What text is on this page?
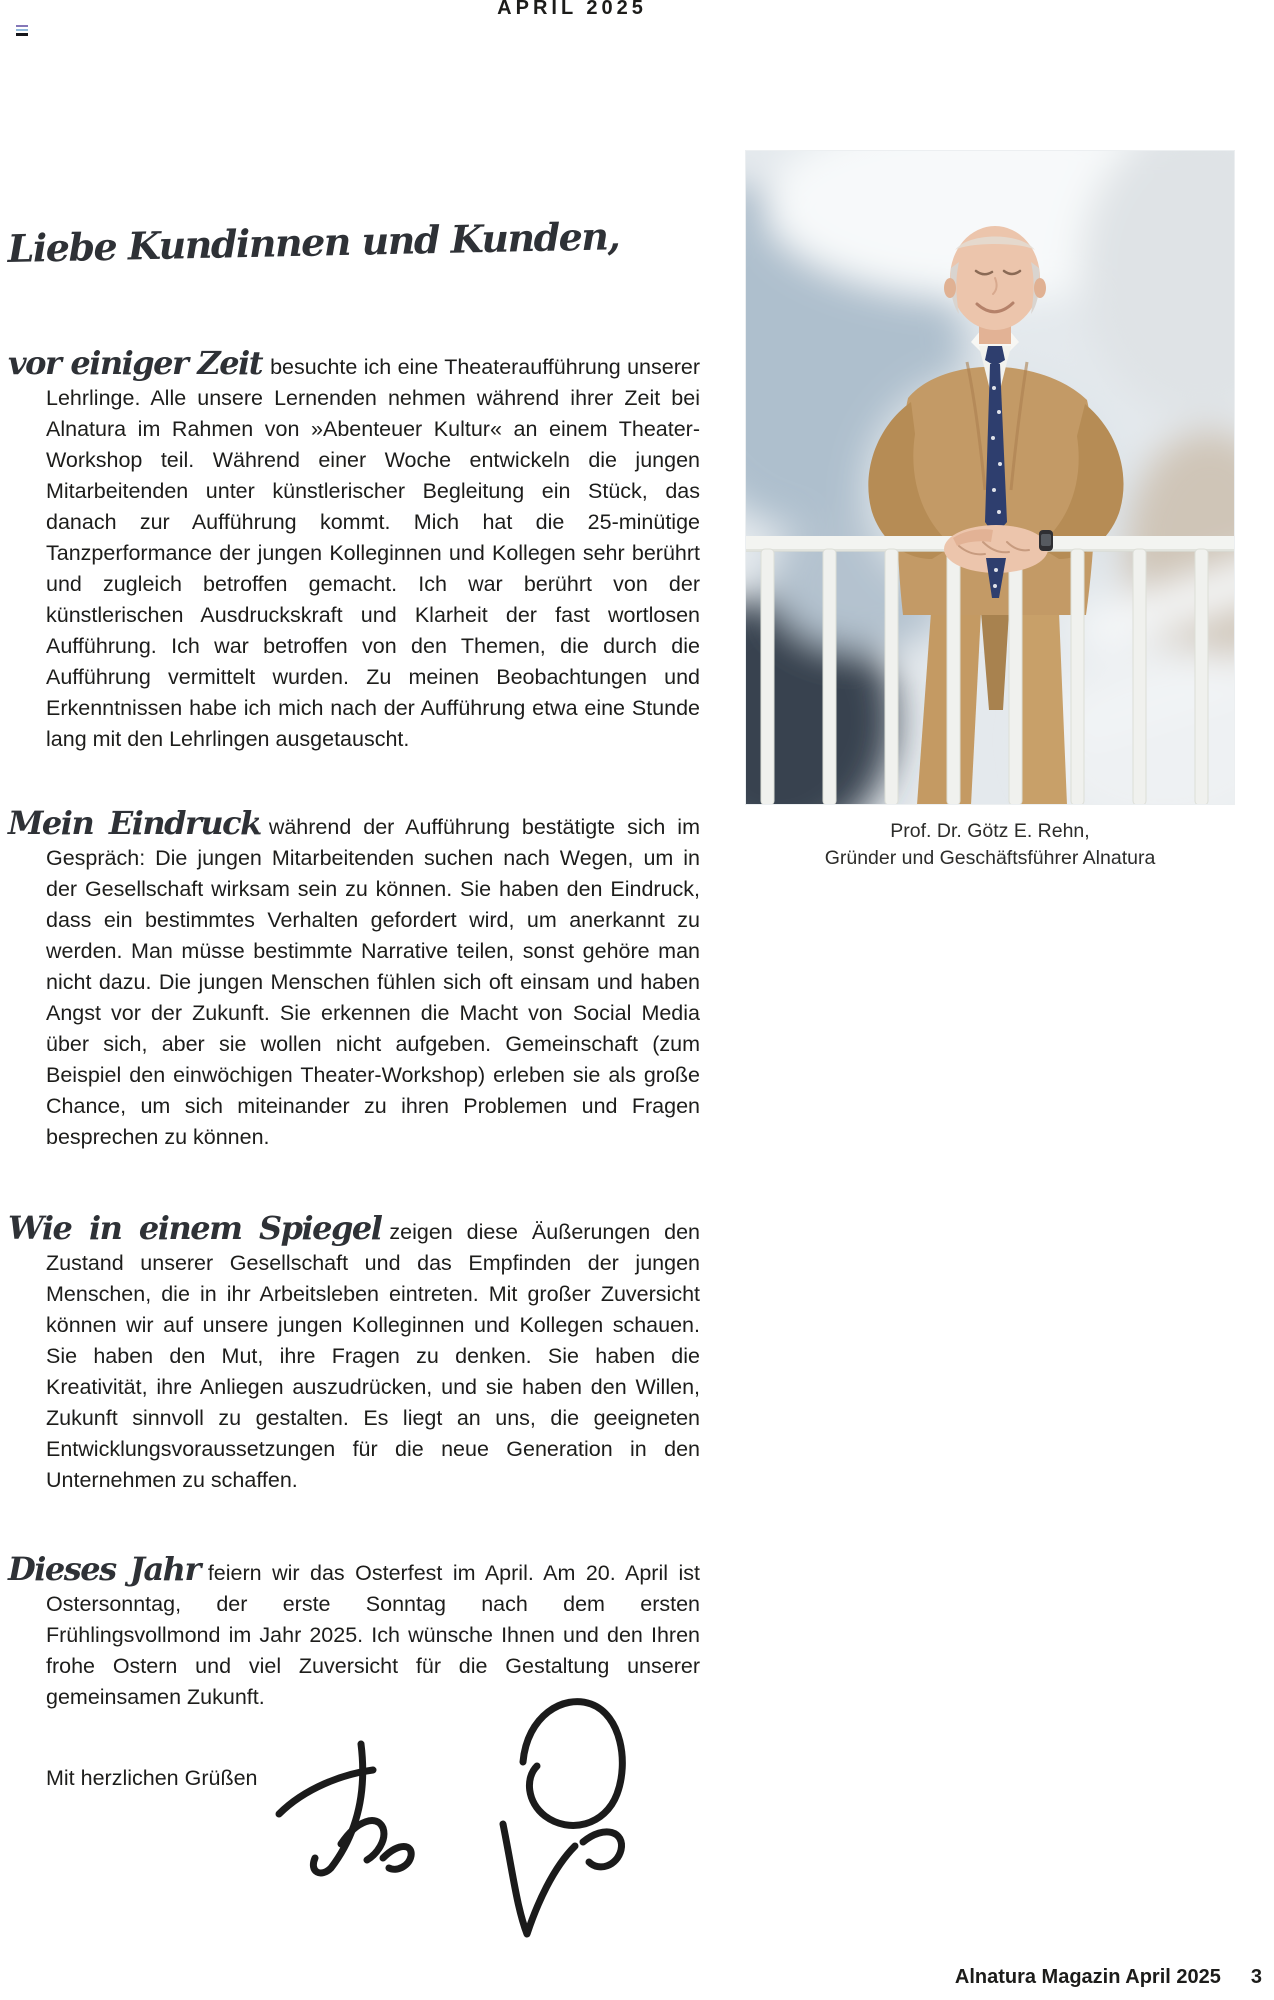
APRIL 2025
Liebe Kundinnen und Kunden,

vor einiger Zeit besuchte ich eine Theateraufführung unserer Lehrlinge. Alle unsere Lernenden nehmen während ihrer Zeit bei Alnatura im Rahmen von »Abenteuer Kultur« an einem Theater-Workshop teil. Während einer Woche entwickeln die jungen Mitarbeitenden unter künstlerischer Begleitung ein Stück, das danach zur Aufführung kommt. Mich hat die 25-minütige Tanzperformance der jungen Kolleginnen und Kollegen sehr berührt und zugleich betroffen gemacht. Ich war berührt von der künstlerischen Ausdruckskraft und Klarheit der fast wortlosen Aufführung. Ich war betroffen von den Themen, die durch die Aufführung vermittelt wurden. Zu meinen Beobachtungen und Erkenntnissen habe ich mich nach der Aufführung etwa eine Stunde lang mit den Lehrlingen ausgetauscht.

Mein Eindruck während der Aufführung bestätigte sich im Gespräch: Die jungen Mitarbeitenden suchen nach Wegen, um in der Gesellschaft wirksam sein zu können. Sie haben den Eindruck, dass ein bestimmtes Verhalten gefordert wird, um anerkannt zu werden. Man müsse bestimmte Narrative teilen, sonst gehöre man nicht dazu. Die jungen Menschen fühlen sich oft einsam und haben Angst vor der Zukunft. Sie erkennen die Macht von Social Media über sich, aber sie wollen nicht aufgeben. Gemeinschaft (zum Beispiel den einwöchigen Theater-Workshop) erleben sie als große Chance, um sich miteinander zu ihren Problemen und Fragen besprechen zu können.

Wie in einem Spiegel zeigen diese Äußerungen den Zustand unserer Gesellschaft und das Empfinden der jungen Menschen, die in ihr Arbeitsleben eintreten. Mit großer Zuversicht können wir auf unsere jungen Kolleginnen und Kollegen schauen. Sie haben den Mut, ihre Fragen zu denken. Sie haben die Kreativität, ihre Anliegen auszudrücken, und sie haben den Willen, Zukunft sinnvoll zu gestalten. Es liegt an uns, die geeigneten Entwicklungsvoraussetzungen für die neue Generation in den Unternehmen zu schaffen.

Dieses Jahr feiern wir das Osterfest im April. Am 20. April ist Ostersonntag, der erste Sonntag nach dem ersten Frühlingsvollmond im Jahr 2025. Ich wünsche Ihnen und den Ihren frohe Ostern und viel Zuversicht für die Gestaltung unserer gemeinsamen Zukunft.

Prof. Dr. Götz E. Rehn,
Gründer und Geschäftsführer Alnatura

Mit herzlichen Grüßen

Alnatura Magazin April 2025 3
